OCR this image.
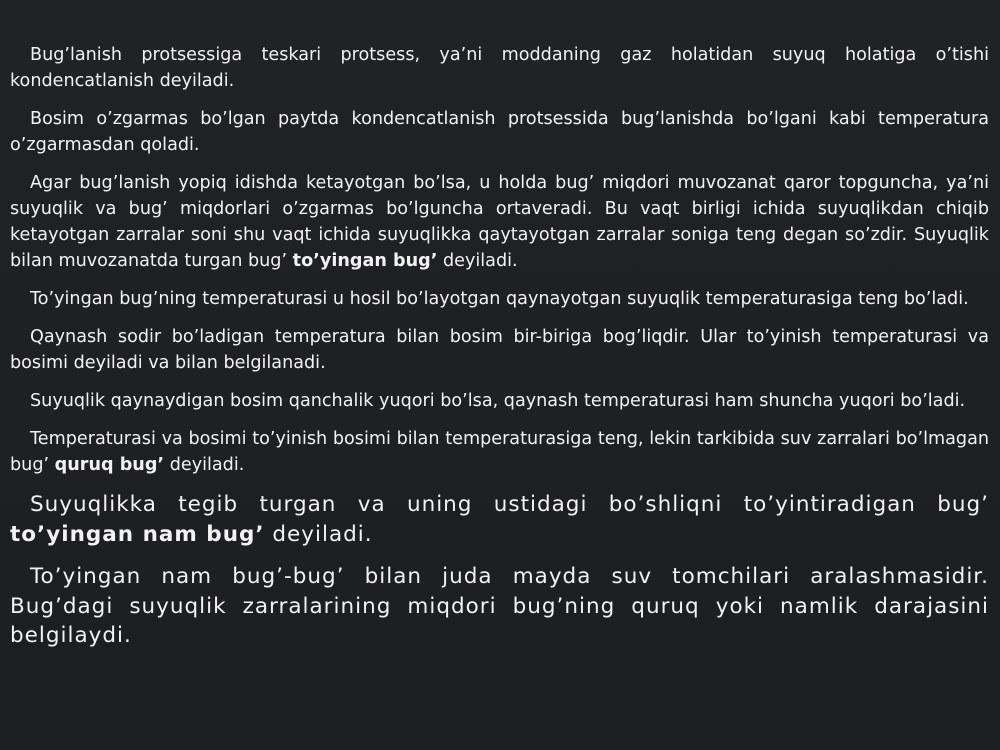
Bug’lanish protsessiga teskari protsess, ya’ni moddaning gaz holatidan suyuq holatiga o’tishi kondencatlanish deyiladi.

Bosim o’zgarmas bo’lgan paytda kondencatlanish protsessida bug’lanishda bo’lgani kabi temperatura o’zgarmasdan qoladi.

Agar bug’lanish yopiq idishda ketayotgan bo’lsa, u holda bug’ miqdori muvozanat qaror topguncha, ya’ni suyuqlik va bug’ miqdorlari o’zgarmas bo’lguncha ortaveradi. Bu vaqt birligi ichida suyuqlikdan chiqib ketayotgan zarralar soni shu vaqt ichida suyuqlikka qaytayotgan zarralar soniga teng degan so’zdir. Suyuqlik bilan muvozanatda turgan bug’ to’yingan bug’ deyiladi.

To’yingan bug’ning temperaturasi u hosil bo’layotgan qaynayotgan suyuqlik temperaturasiga teng bo’ladi.

Qaynash sodir bo’ladigan temperatura bilan bosim bir-biriga bog’liqdir. Ular to’yinish temperaturasi va bosimi deyiladi va bilan belgilanadi.

Suyuqlik qaynaydigan bosim qanchalik yuqori bo’lsa, qaynash temperaturasi ham shuncha yuqori bo’ladi.

Temperaturasi va bosimi to’yinish bosimi bilan temperaturasiga teng, lekin tarkibida suv zarralari bo’lmagan bug’ quruq bug’ deyiladi.

Suyuqlikka tegib turgan va uning ustidagi bo’shliqni to’yintiradigan bug’ to’yingan nam bug’ deyiladi.

To’yingan nam bug’-bug’ bilan juda mayda suv tomchilari aralashmasidir. Bug’dagi suyuqlik zarralarining miqdori bug’ning quruq yoki namlik darajasini belgilaydi.
